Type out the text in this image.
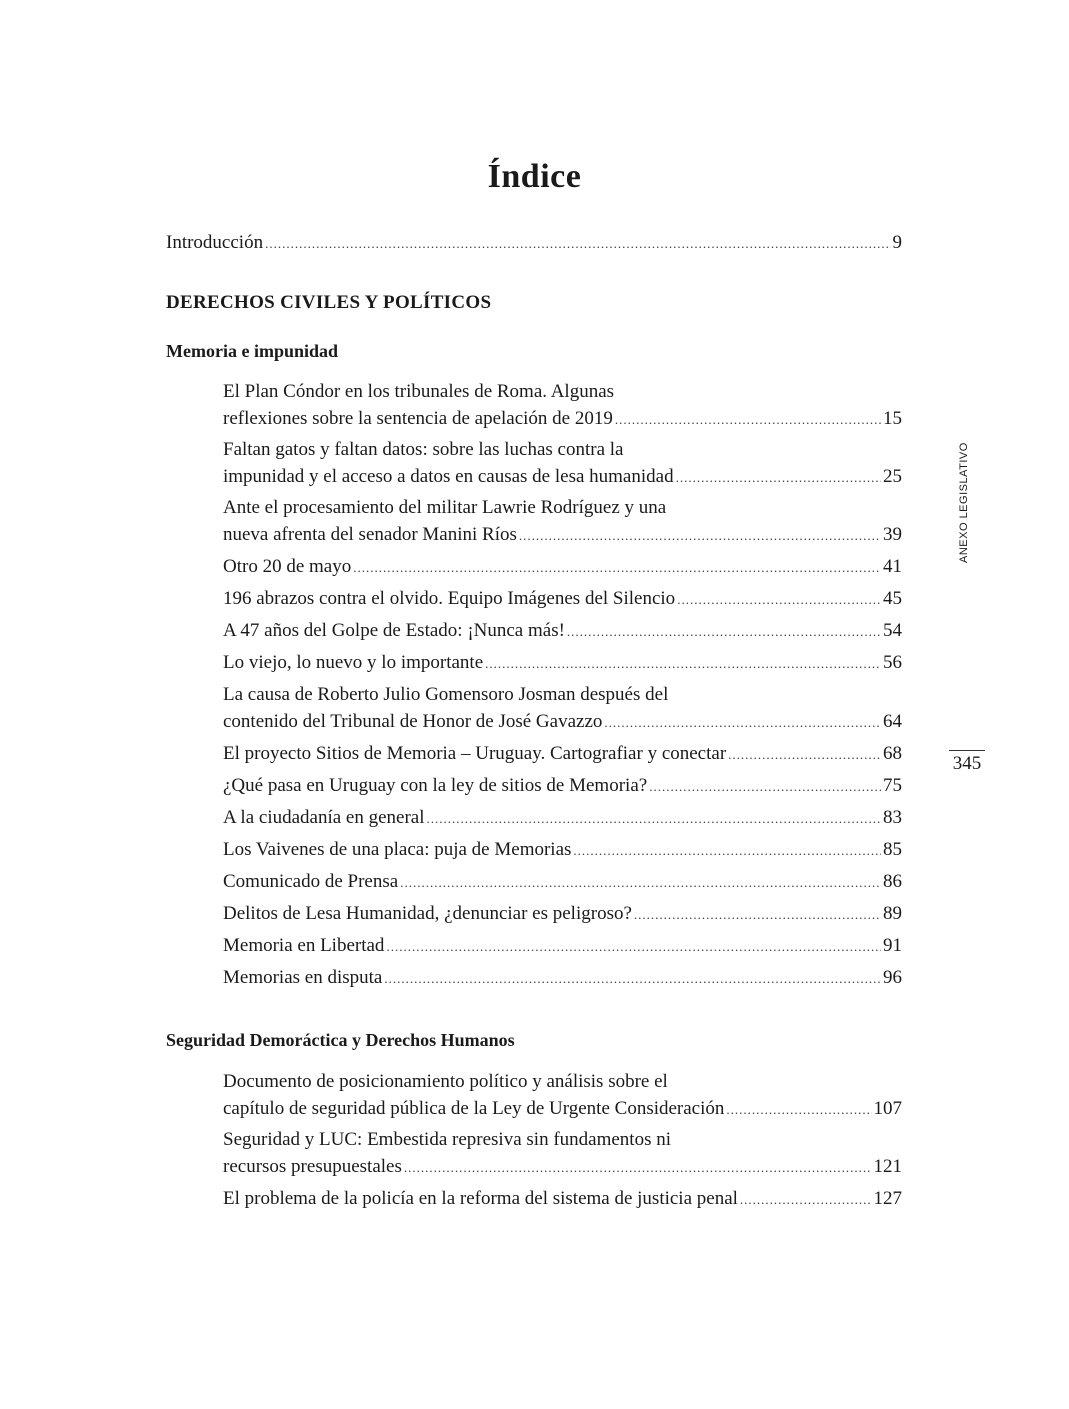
Índice
Introducción .....	9
DERECHOS CIVILES Y POLÍTICOS
Memoria e impunidad
El Plan Cóndor en los tribunales de Roma. Algunas
reflexiones sobre la sentencia de apelación de 2019 .....	15
Faltan gatos y faltan datos: sobre las luchas contra la
impunidad y el acceso a datos en causas de lesa humanidad .....	25
Ante el procesamiento del militar Lawrie Rodríguez y una
nueva afrenta del senador Manini Ríos .....	39
Otro 20 de mayo .....	41
196 abrazos contra el olvido. Equipo Imágenes del Silencio .....	45
A 47 años del Golpe de Estado: ¡Nunca más! .....	54
Lo viejo, lo nuevo y lo importante .....	56
La causa de Roberto Julio Gomensoro Josman después del
contenido del Tribunal de Honor de José Gavazzo .....	64
El proyecto Sitios de Memoria – Uruguay. Cartografiar y conectar .....	68
¿Qué pasa en Uruguay con la ley de sitios de Memoria? .....	75
A la ciudadanía en general .....	83
Los Vaivenes de una placa: puja de Memorias .....	85
Comunicado de Prensa .....	86
Delitos de Lesa Humanidad, ¿denunciar es peligroso? .....	89
Memoria en Libertad .....	91
Memorias en disputa .....	96
Seguridad Demoráctica y Derechos Humanos
Documento de posicionamiento político y análisis sobre el
capítulo de seguridad pública de la Ley de Urgente Consideración .....	107
Seguridad y LUC: Embestida represiva sin fundamentos ni
recursos presupuestales .....	121
El problema de la policía en la reforma del sistema de justicia penal .....	127
ANEXO LEGISLATIVO
345
